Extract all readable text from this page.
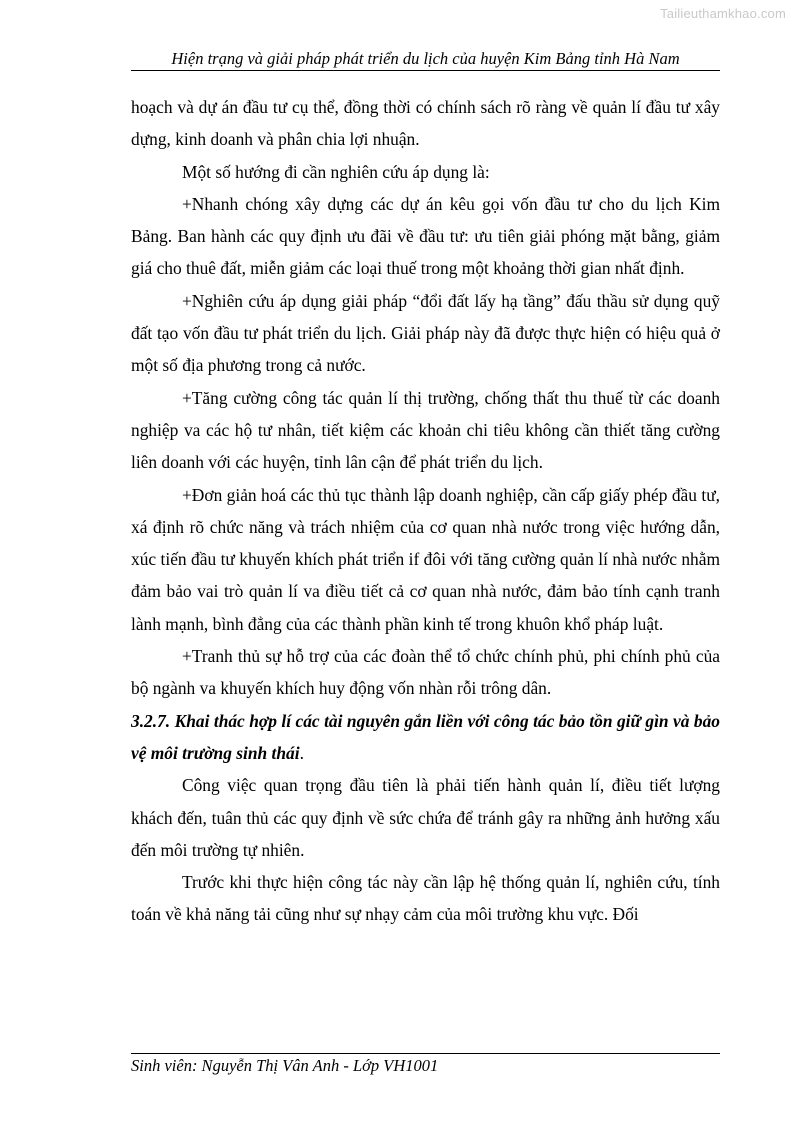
Tailieuthamkhao.com
Hiện trạng và giải pháp phát triển du lịch của huyện Kim Bảng tỉnh Hà Nam

hoạch và dự án đầu tư cụ thể, đồng thời có chính sách rõ ràng về quản lí đầu tư xây dựng, kinh doanh và phân chia lợi nhuận.

Một số hướng đi cần nghiên cứu áp dụng là:

+Nhanh chóng xây dựng các dự án kêu gọi vốn đầu tư cho du lịch Kim Bảng. Ban hành các quy định ưu đãi về đầu tư: ưu tiên giải phóng mặt bằng, giảm giá cho thuê đất, miễn giảm các loại thuế trong một khoảng thời gian nhất định.

+Nghiên cứu áp dụng giải pháp “đổi đất lấy hạ tầng” đấu thầu sử dụng quỹ đất tạo vốn đầu tư phát triển du lịch. Giải pháp này đã được thực hiện có hiệu quả ở một số địa phương trong cả nước.

+Tăng cường công tác quản lí thị trường, chống thất thu thuế từ các doanh nghiệp va các hộ tư nhân, tiết kiệm các khoản chi tiêu không cần thiết tăng cường liên doanh với các huyện, tỉnh lân cận để phát triển du lịch.

+Đơn giản hoá các thủ tục thành lập doanh nghiệp, cần cấp giấy phép đầu tư, xá định rõ chức năng và trách nhiệm của cơ quan nhà nước trong việc hướng dẫn, xúc tiến đầu tư khuyến khích phát triển if đôi với tăng cường quản lí nhà nước nhằm đảm bảo vai trò quản lí va điều tiết cả cơ quan nhà nước, đảm bảo tính cạnh tranh lành mạnh, bình đẳng của các thành phần kinh tế trong khuôn khổ pháp luật.

+Tranh thủ sự hỗ trợ của các đoàn thể tổ chức chính phủ, phi chính phủ của bộ ngành va khuyến khích huy động vốn nhàn rỗi trông dân.

3.2.7. Khai thác hợp lí các tài nguyên gắn liền với công tác bảo tồn giữ gìn và bảo vệ môi trường sinh thái.

Công việc quan trọng đầu tiên là phải tiến hành quản lí, điều tiết lượng khách đến, tuân thủ các quy định về sức chứa để tránh gây ra những ảnh hưởng xấu đến môi trường tự nhiên.

Trước khi thực hiện công tác này cần lập hệ thống quản lí, nghiên cứu, tính toán về khả năng tải cũng như sự nhạy cảm của môi trường khu vực. Đối

Sinh viên: Nguyễn Thị Vân Anh - Lớp VH1001
